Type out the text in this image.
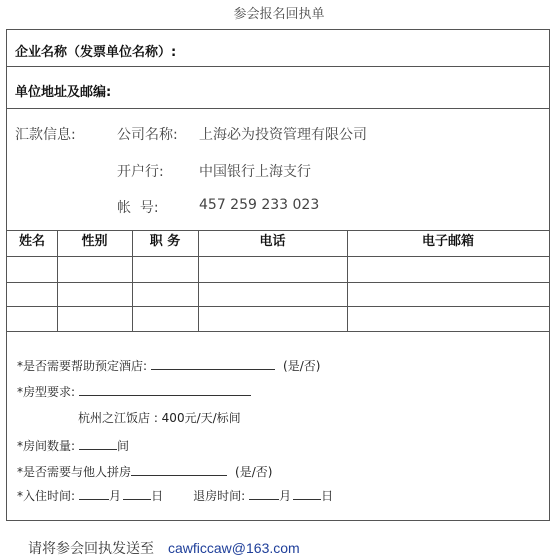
参会报名回执单
企业名称（发票单位名称）:
单位地址及邮编:
汇款信息:	公司名称: 上海必为投资管理有限公司
开户行:	中国银行上海支行
帐  号:	457 259 233 023
姓名	性别	职 务	电话	电子邮箱
*是否需要帮助预定酒店:	(是/否)
*房型要求:
杭州之江饭店 : 400元/天/标间
*房间数量:	间
*是否需要与他人拼房	(是/否)
*入住时间:	月	日	退房时间:	月	日
请将参会回执发送至 cawficcaw@163.com
